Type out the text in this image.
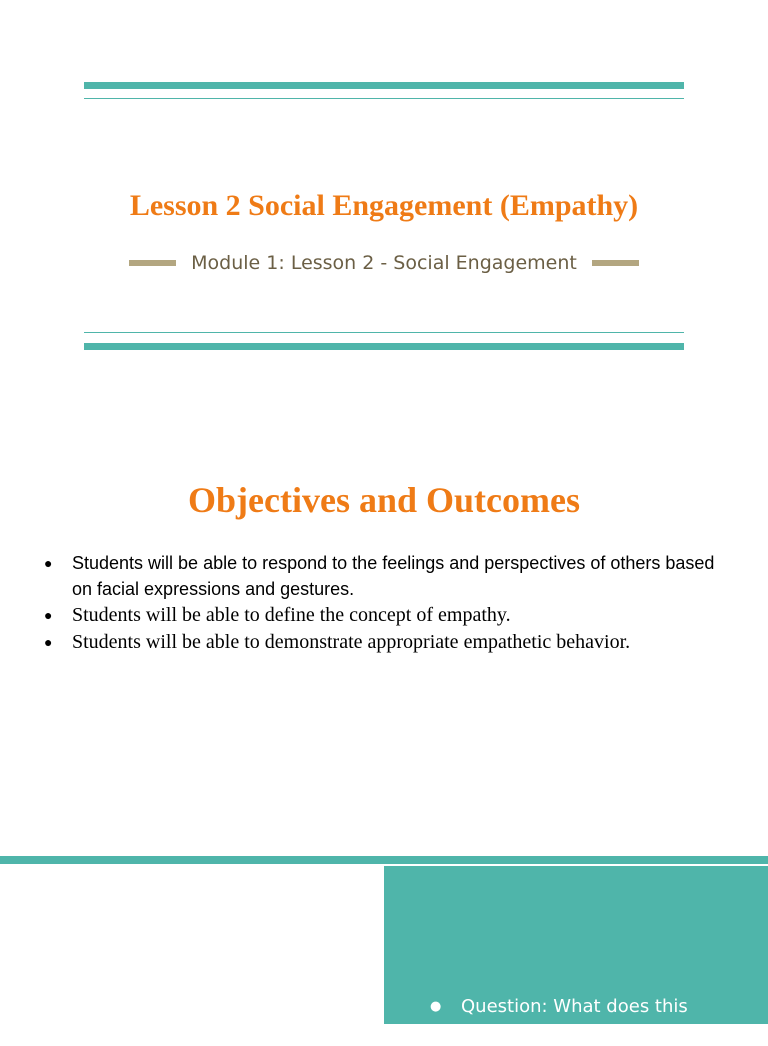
Lesson 2 Social Engagement (Empathy)
Module 1: Lesson 2 - Social Engagement
Objectives and Outcomes
● Students will be able to respond to the feelings and perspectives of others based on facial expressions and gestures.
● Students will be able to define the concept of empathy.
● Students will be able to demonstrate appropriate empathetic behavior.
● Question: What does this saying mean? "Don't criticize
